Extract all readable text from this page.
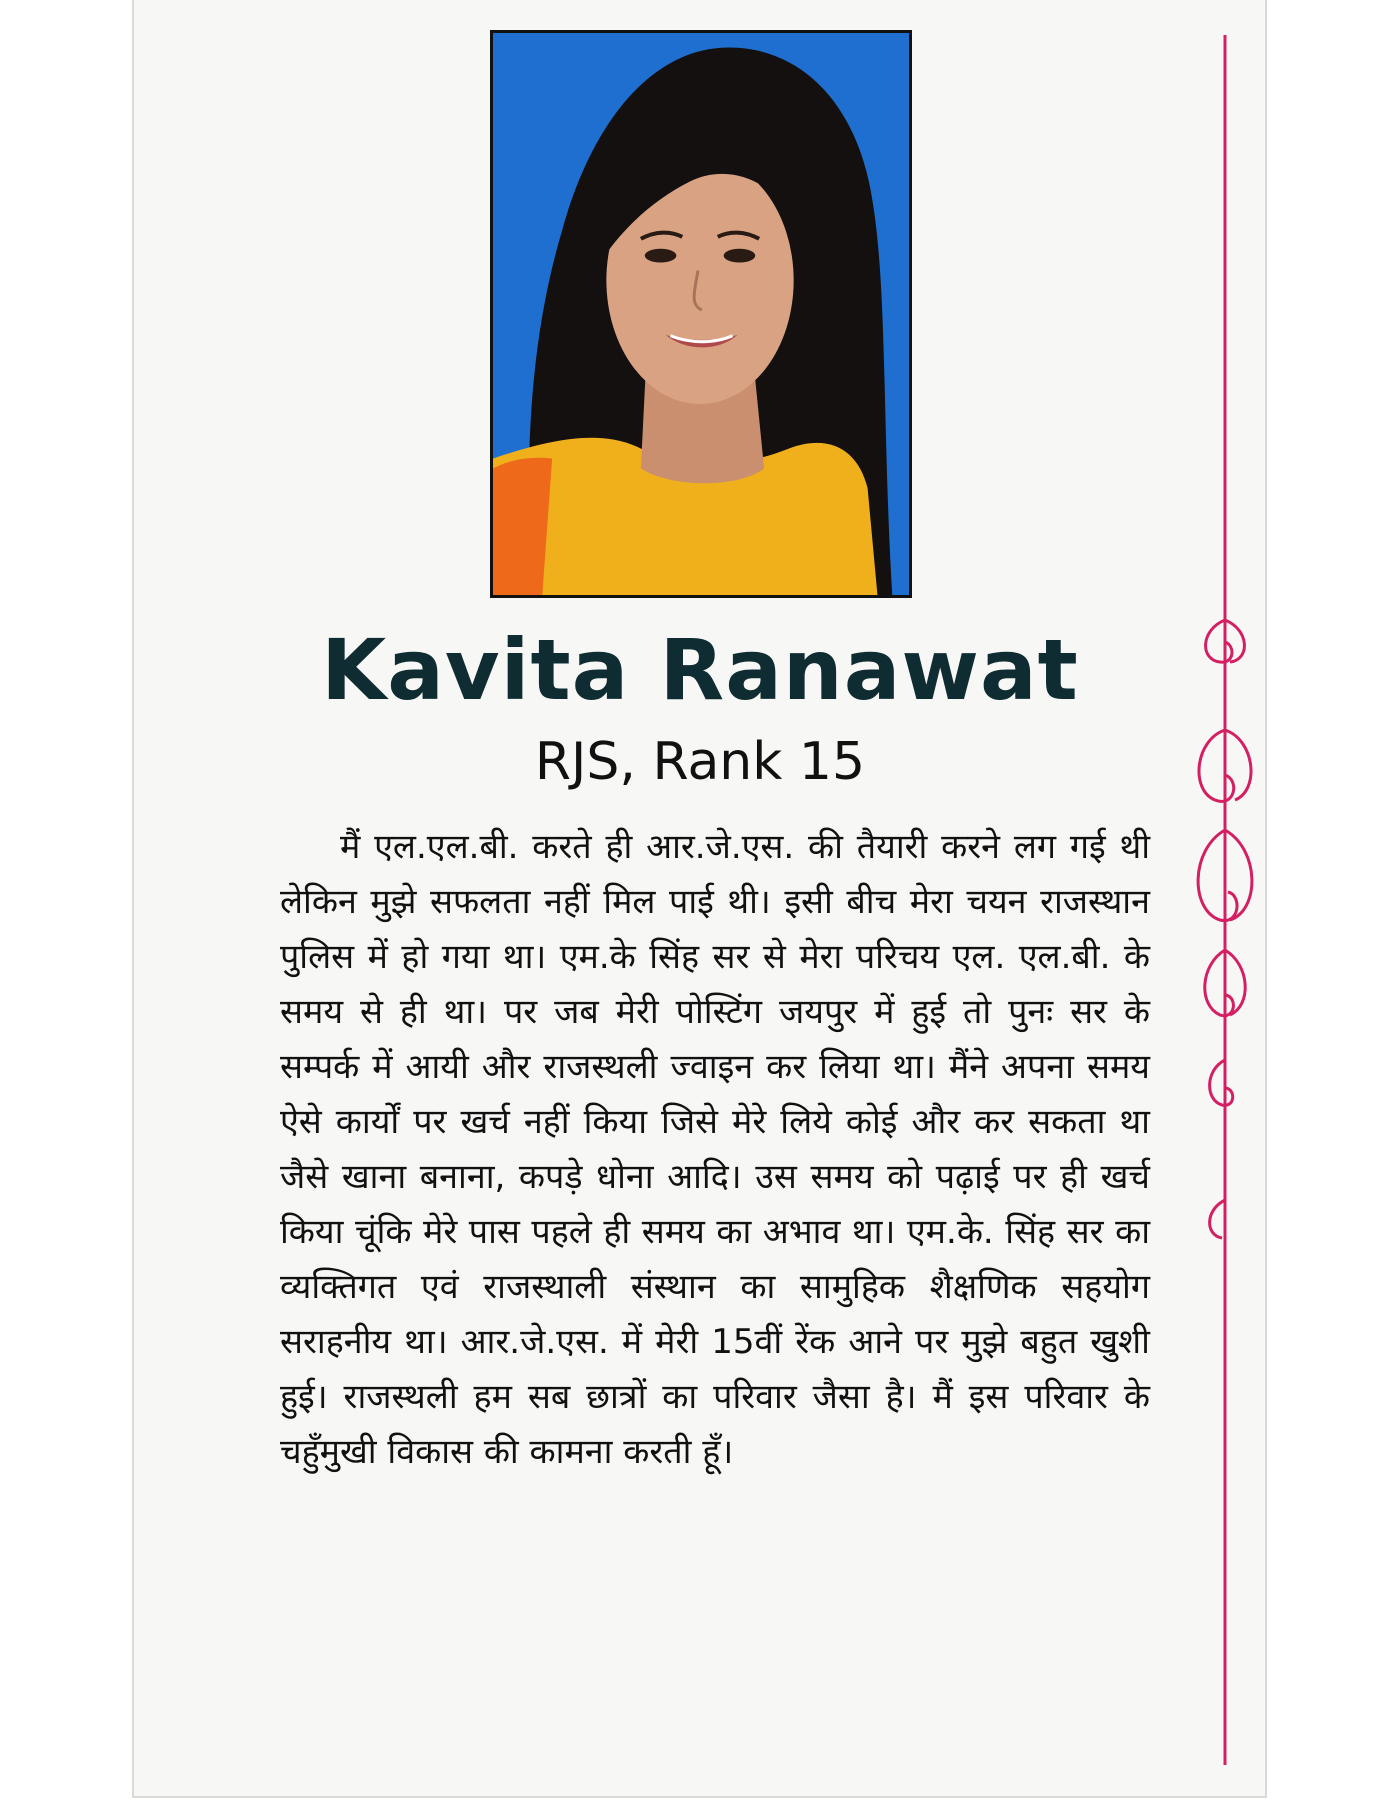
Kavita Ranawat
RJS, Rank 15

मैं एल.एल.बी. करते ही आर.जे.एस. की तैयारी करने लग गई थी लेकिन मुझे सफलता नहीं मिल पाई थी। इसी बीच मेरा चयन राजस्थान पुलिस में हो गया था। एम.के सिंह सर से मेरा परिचय एल. एल.बी. के समय से ही था। पर जब मेरी पोस्टिंग जयपुर में हुई तो पुनः सर के सम्पर्क में आयी और राजस्थली ज्वाइन कर लिया था। मैंने अपना समय ऐसे कार्यों पर खर्च नहीं किया जिसे मेरे लिये कोई और कर सकता था जैसे खाना बनाना, कपड़े धोना आदि। उस समय को पढ़ाई पर ही खर्च किया चूंकि मेरे पास पहले ही समय का अभाव था। एम.के. सिंह सर का व्यक्तिगत एवं राजस्थाली संस्थान का सामुहिक शैक्षणिक सहयोग सराहनीय था। आर.जे.एस. में मेरी 15वीं रेंक आने पर मुझे बहुत खुशी हुई। राजस्थली हम सब छात्रों का परिवार जैसा है। मैं इस परिवार के चहुँमुखी विकास की कामना करती हूँ।
